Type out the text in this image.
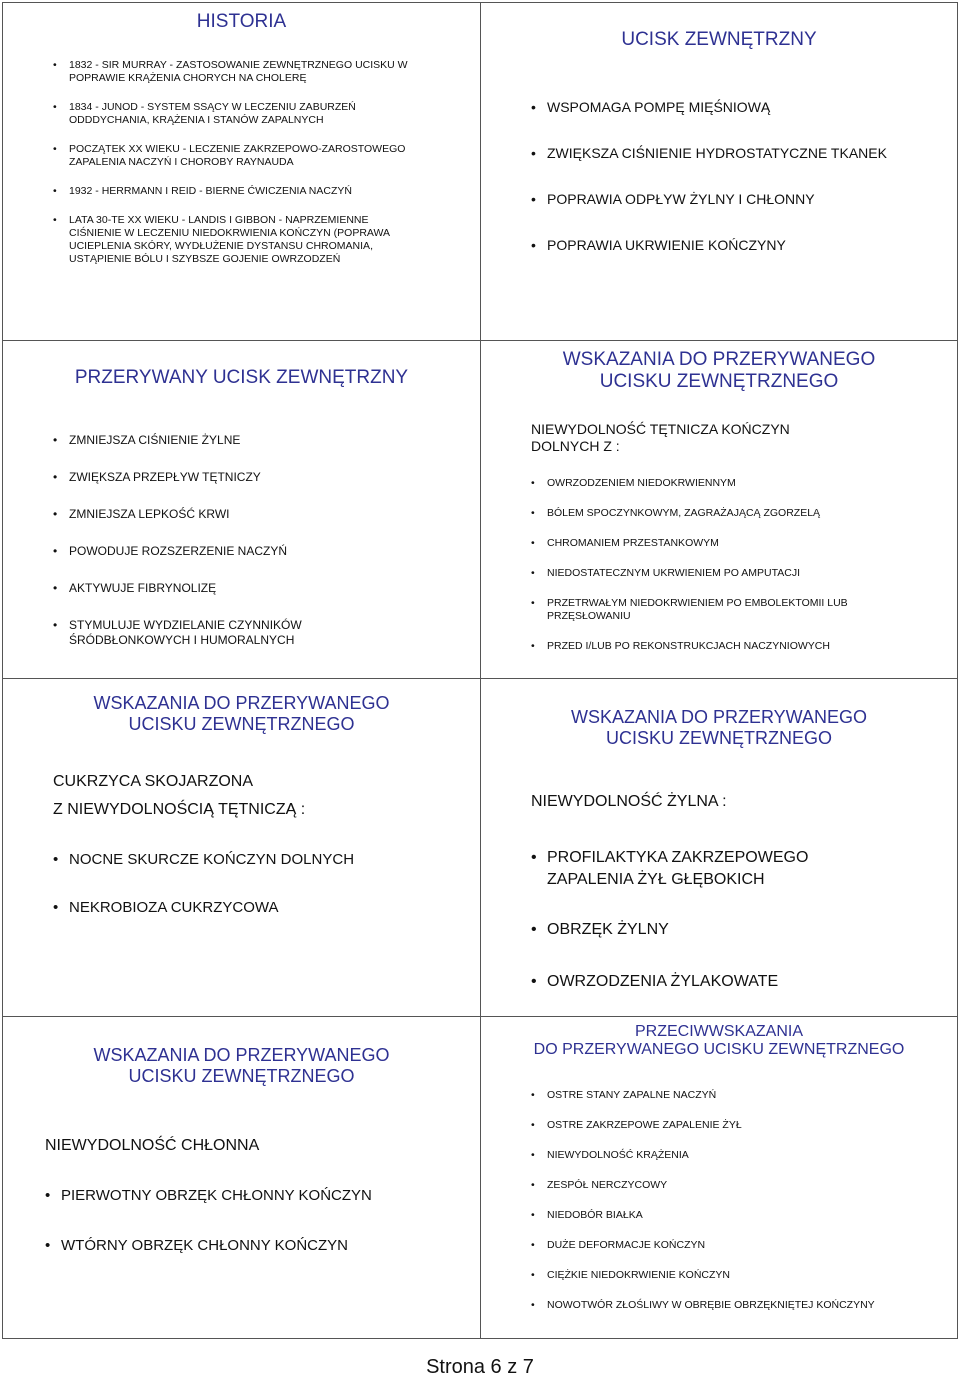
HISTORIA
• 1832 - SIR MURRAY - ZASTOSOWANIE ZEWNĘTRZNEGO UCISKU W POPRAWIE KRĄŻENIA CHORYCH NA CHOLERĘ
• 1834 - JUNOD - SYSTEM SSĄCY W LECZENIU ZABURZEŃ ODDDYCHANIA, KRĄŻENIA I STANÓW ZAPALNYCH
• POCZĄTEK XX WIEKU - LECZENIE ZAKRZEPOWO-ZAROSTOWEGO ZAPALENIA NACZYŃ I CHOROBY RAYNAUDA
• 1932 - HERRMANN I REID - BIERNE ĆWICZENIA NACZYŃ
• LATA 30-TE XX WIEKU - LANDIS I GIBBON - NAPRZEMIENNE CIŚNIENIE W LECZENIU NIEDOKRWIENIA KOŃCZYN (POPRAWA UCIEPLENIA SKÓRY, WYDŁUŻENIE DYSTANSU CHROMANIA, USTĄPIENIE BÓLU I SZYBSZE GOJENIE OWRZODZEŃ
UCISK ZEWNĘTRZNY
• WSPOMAGA POMPĘ MIĘŚNIOWĄ
• ZWIĘKSZA CIŚNIENIE HYDROSTATYCZNE TKANEK
• POPRAWIA ODPŁYW ŻYLNY I CHŁONNY
• POPRAWIA UKRWIENIE KOŃCZYNY
PRZERYWANY UCISK ZEWNĘTRZNY
• ZMNIEJSZA CIŚNIENIE ŻYLNE
• ZWIĘKSZA PRZEPŁYW TĘTNICZY
• ZMNIEJSZA LEPKOŚĆ KRWI
• POWODUJE ROZSZERZENIE NACZYŃ
• AKTYWUJE FIBRYNOLIZĘ
• STYMULUJE WYDZIELANIE CZYNNIKÓW ŚRÓDBŁONKOWYCH I HUMORALNYCH
WSKAZANIA DO PRZERYWANEGO
UCISKU ZEWNĘTRZNEGO
NIEWYDOLNOŚĆ TĘTNICZA KOŃCZYN DOLNYCH Z :
• OWRZODZENIEM NIEDOKRWIENNYM
• BÓLEM SPOCZYNKOWYM, ZAGRAŻAJĄCĄ ZGORZELĄ
• CHROMANIEM PRZESTANKOWYM
• NIEDOSTATECZNYM UKRWIENIEM PO AMPUTACJI
• PRZETRWAŁYM NIEDOKRWIENIEM PO EMBOLEKTOMII LUB PRZĘSŁOWANIU
• PRZED I/LUB PO REKONSTRUKCJACH NACZYNIOWYCH
WSKAZANIA DO PRZERYWANEGO
UCISKU ZEWNĘTRZNEGO
CUKRZYCA SKOJARZONA
Z NIEWYDOLNOŚCIĄ TĘTNICZĄ :
• NOCNE SKURCZE KOŃCZYN DOLNYCH
• NEKROBIOZA CUKRZYCOWA
WSKAZANIA DO PRZERYWANEGO
UCISKU ZEWNĘTRZNEGO
NIEWYDOLNOŚĆ ŻYLNA :
• PROFILAKTYKA ZAKRZEPOWEGO ZAPALENIA ŻYŁ GŁĘBOKICH
• OBRZĘK ŻYLNY
• OWRZODZENIA ŻYLAKOWATE
WSKAZANIA DO PRZERYWANEGO
UCISKU ZEWNĘTRZNEGO
NIEWYDOLNOŚĆ CHŁONNA
• PIERWOTNY OBRZĘK CHŁONNY KOŃCZYN
• WTÓRNY OBRZĘK CHŁONNY KOŃCZYN
PRZECIWWSKAZANIA
DO PRZERYWANEGO UCISKU ZEWNĘTRZNEGO
• OSTRE STANY ZAPALNE NACZYŃ
• OSTRE ZAKRZEPOWE ZAPALENIE ŻYŁ
• NIEWYDOLNOŚĆ KRĄŻENIA
• ZESPÓŁ NERCZYCOWY
• NIEDOBÓR BIAŁKA
• DUŻE DEFORMACJE KOŃCZYN
• CIĘŻKIE NIEDOKRWIENIE KOŃCZYN
• NOWOTWÓR ZŁOŚLIWY W OBRĘBIE OBRZĘKNIĘTEJ KOŃCZYNY
Strona 6 z 7
